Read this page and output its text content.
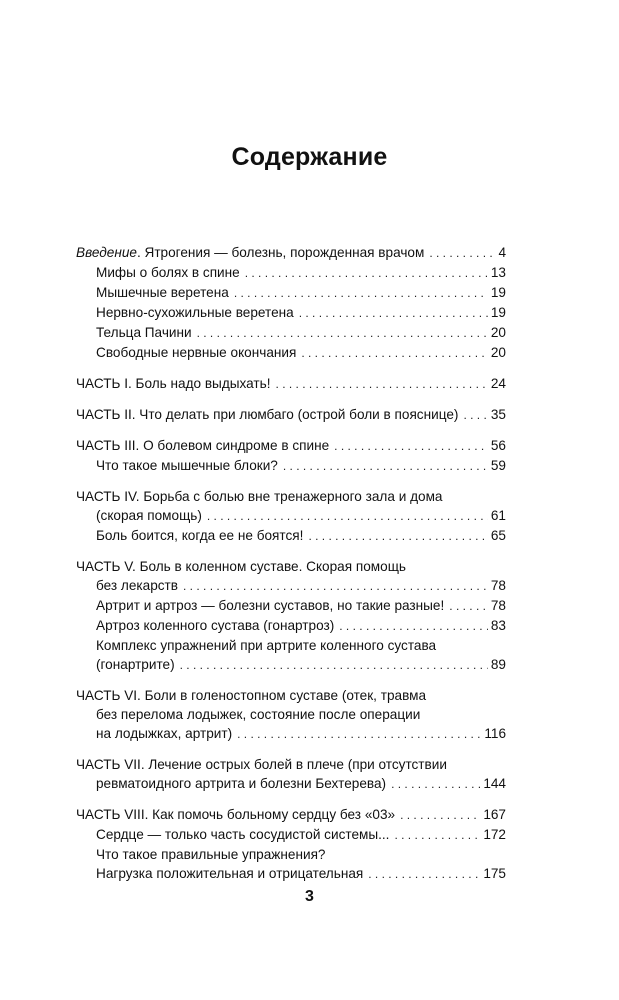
Содержание
Введение. Ятрогения — болезнь, порожденная врачом . . .	4
Мифы о болях в спине . . .	13
Мышечные веретена . . .	19
Нервно-сухожильные веретена . . .	19
Тельца Пачини . . .	20
Свободные нервные окончания . . .	20
ЧАСТЬ I. Боль надо выдыхать! . . .	24
ЧАСТЬ II. Что делать при люмбаго (острой боли в пояснице) . . . 35
ЧАСТЬ III. О болевом синдроме в спине . . .	56
Что такое мышечные блоки? . . .	59
ЧАСТЬ IV. Борьба с болью вне тренажерного зала и дома
(скорая помощь) . . .	61
Боль боится, когда ее не боятся! . . .	65
ЧАСТЬ V. Боль в коленном суставе. Скорая помощь
без лекарств . . .	78
Артрит и артроз — болезни суставов, но такие разные! . . .	78
Артроз коленного сустава (гонартроз) . . .	83
Комплекс упражнений при артрите коленного сустава
(гонартрите) . . .	89
ЧАСТЬ VI. Боли в голеностопном суставе (отек, травма
без перелома лодыжек, состояние после операции
на лодыжках, артрит) . . .	116
ЧАСТЬ VII. Лечение острых болей в плече (при отсутствии
ревматоидного артрита и болезни Бехтерева) . . .	144
ЧАСТЬ VIII. Как помочь больному сердцу без «03» . . .	167
Сердце — только часть сосудистой системы... . . .	172
Что такое правильные упражнения?
Нагрузка положительная и отрицательная . . .	175
3
